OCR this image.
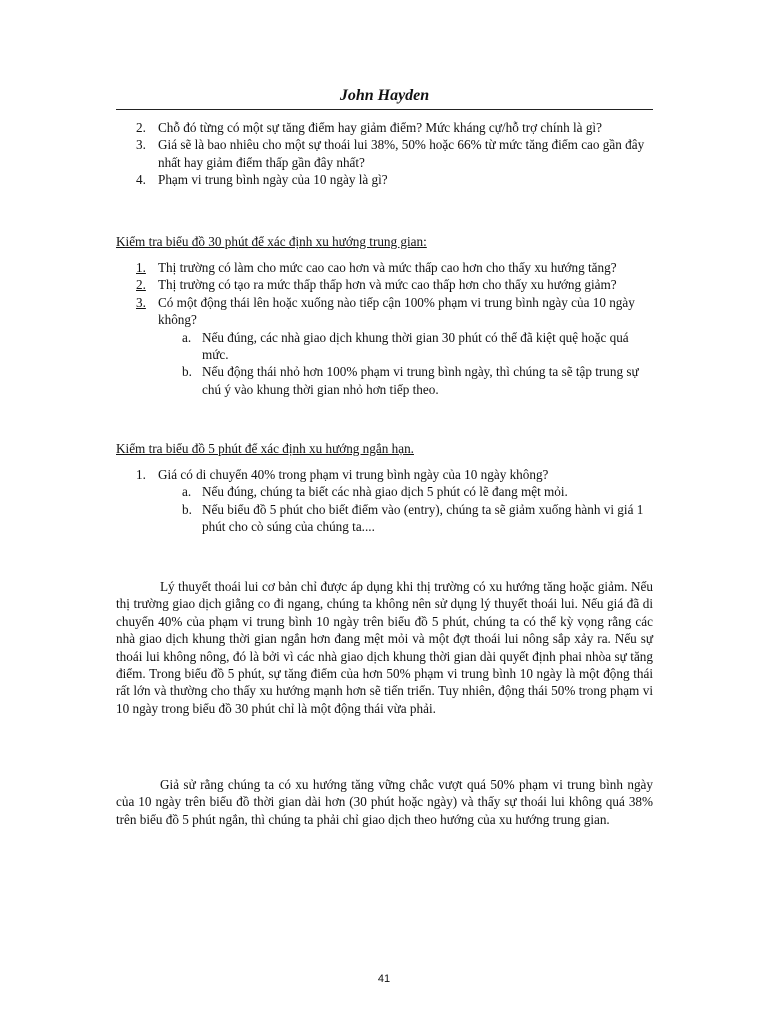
John Hayden
2. Chỗ đó từng có một sự tăng điểm hay giảm điểm? Mức kháng cự/hỗ trợ chính là gì?
3. Giá sẽ là bao nhiêu cho một sự thoái lui 38%, 50% hoặc 66% từ mức tăng điểm cao gần đây nhất hay giảm điểm thấp gần đây nhất?
4. Phạm vi trung bình ngày của 10 ngày là gì?
Kiểm tra biểu đồ 30 phút để xác định xu hướng trung gian:
1. Thị trường có làm cho mức cao cao hơn và mức thấp cao hơn cho thấy xu hướng tăng?
2. Thị trường có tạo ra mức thấp thấp hơn và mức cao thấp hơn cho thấy xu hướng giảm?
3. Có một động thái lên hoặc xuống nào tiếp cận 100% phạm vi trung bình ngày của 10 ngày không?
a. Nếu đúng, các nhà giao dịch khung thời gian 30 phút có thể đã kiệt quệ hoặc quá mức.
b. Nếu động thái nhỏ hơn 100% phạm vi trung bình ngày, thì chúng ta sẽ tập trung sự chú ý vào khung thời gian nhỏ hơn tiếp theo.
Kiểm tra biểu đồ 5 phút để xác định xu hướng ngắn hạn.
1. Giá có di chuyển 40% trong phạm vi trung bình ngày của 10 ngày không?
a. Nếu đúng, chúng ta biết các nhà giao dịch 5 phút có lẽ đang mệt mỏi.
b. Nếu biểu đồ 5 phút cho biết điểm vào (entry), chúng ta sẽ giảm xuống hành vi giá 1 phút cho cò súng của chúng ta....

Lý thuyết thoái lui cơ bản chỉ được áp dụng khi thị trường có xu hướng tăng hoặc giảm. Nếu thị trường giao dịch giằng co đi ngang, chúng ta không nên sử dụng lý thuyết thoái lui. Nếu giá đã di chuyển 40% của phạm vi trung bình 10 ngày trên biểu đồ 5 phút, chúng ta có thể kỳ vọng rằng các nhà giao dịch khung thời gian ngắn hơn đang mệt mỏi và một đợt thoái lui nông sắp xảy ra. Nếu sự thoái lui không nông, đó là bởi vì các nhà giao dịch khung thời gian dài quyết định phai nhòa sự tăng điểm. Trong biểu đồ 5 phút, sự tăng điểm của hơn 50% phạm vi trung bình 10 ngày là một động thái rất lớn và thường cho thấy xu hướng mạnh hơn sẽ tiến triển. Tuy nhiên, động thái 50% trong phạm vi 10 ngày trong biểu đồ 30 phút chỉ là một động thái vừa phải.

Giả sử rằng chúng ta có xu hướng tăng vững chắc vượt quá 50% phạm vi trung bình ngày của 10 ngày trên biểu đồ thời gian dài hơn (30 phút hoặc ngày) và thấy sự thoái lui không quá 38% trên biểu đồ 5 phút ngắn, thì chúng ta phải chỉ giao dịch theo hướng của xu hướng trung gian.

41
